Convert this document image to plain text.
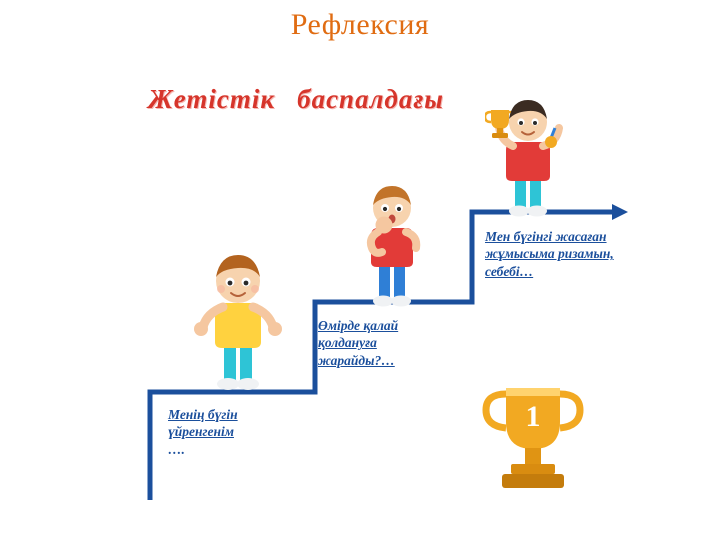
Рефлексия
Жетістік баспалдағы
1
Менің бүгін
үйренгенім
….
Өмірде қалай
қолдануға
жарайды?…
Мен бүгінгі жасаған
жұмысыма ризамын,
себебі…
